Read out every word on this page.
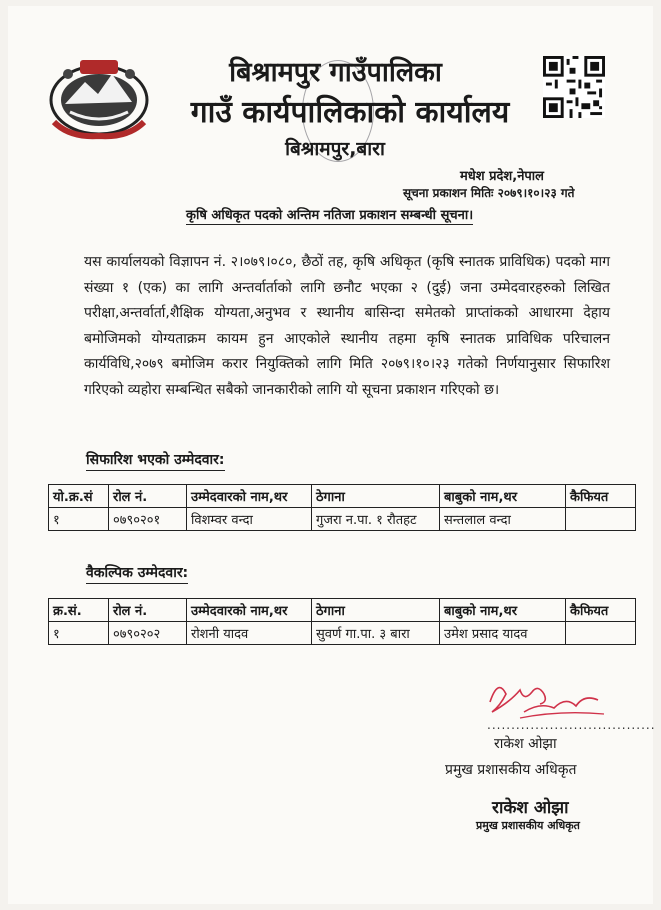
बिश्रामपुर गाउँपालिका
गाउँ कार्यपालिकाको कार्यालय
बिश्रामपुर,बारा
मधेश प्रदेश,नेपाल
सूचना प्रकाशन मितिः २०७९।१०।२३ गते
कृषि अधिकृत पदको अन्तिम नतिजा प्रकाशन सम्बन्धी सूचना।
यस कार्यालयको विज्ञापन नं. २।०७९।०८०, छैठों तह, कृषि अधिकृत (कृषि स्नातक प्राविधिक) पदको माग संख्या १ (एक) का लागि अन्तर्वार्ताको लागि छनौट भएका २ (दुई) जना उम्मेदवारहरुको लिखित परीक्षा,अन्तर्वार्ता,शैक्षिक योग्यता,अनुभव र स्थानीय बासिन्दा समेतको प्राप्तांकको आधारमा देहाय बमोजिमको योग्यताक्रम कायम हुन आएकोले स्थानीय तहमा कृषि स्नातक प्राविधिक परिचालन कार्यविधि,२०७९ बमोजिम करार नियुक्तिको लागि मिति २०७९।१०।२३ गतेको निर्णयानुसार सिफारिश गरिएको व्यहोरा सम्बन्धित सबैको जानकारीको लागि यो सूचना प्रकाशन गरिएको छ।
सिफारिश भएको उम्मेदवार:
यो.क्र.सं	रोल नं.	उम्मेदवारको नाम,थर	ठेगाना	बाबुको नाम,थर	कैफियत
१	०७९०२०१	विशम्वर वन्दा	गुजरा न.पा. १ रौतहट	सन्तलाल वन्दा	
वैकल्पिक उम्मेदवार:
क्र.सं.	रोल नं.	उम्मेदवारको नाम,थर	ठेगाना	बाबुको नाम,थर	कैफियत
१	०७९०२०२	रोशनी यादव	सुवर्ण गा.पा. ३ बारा	उमेश प्रसाद यादव	
...................................
राकेश ओझा
प्रमुख प्रशासकीय अधिकृत
राकेश ओझा
प्रमुख प्रशासकीय अधिकृत
